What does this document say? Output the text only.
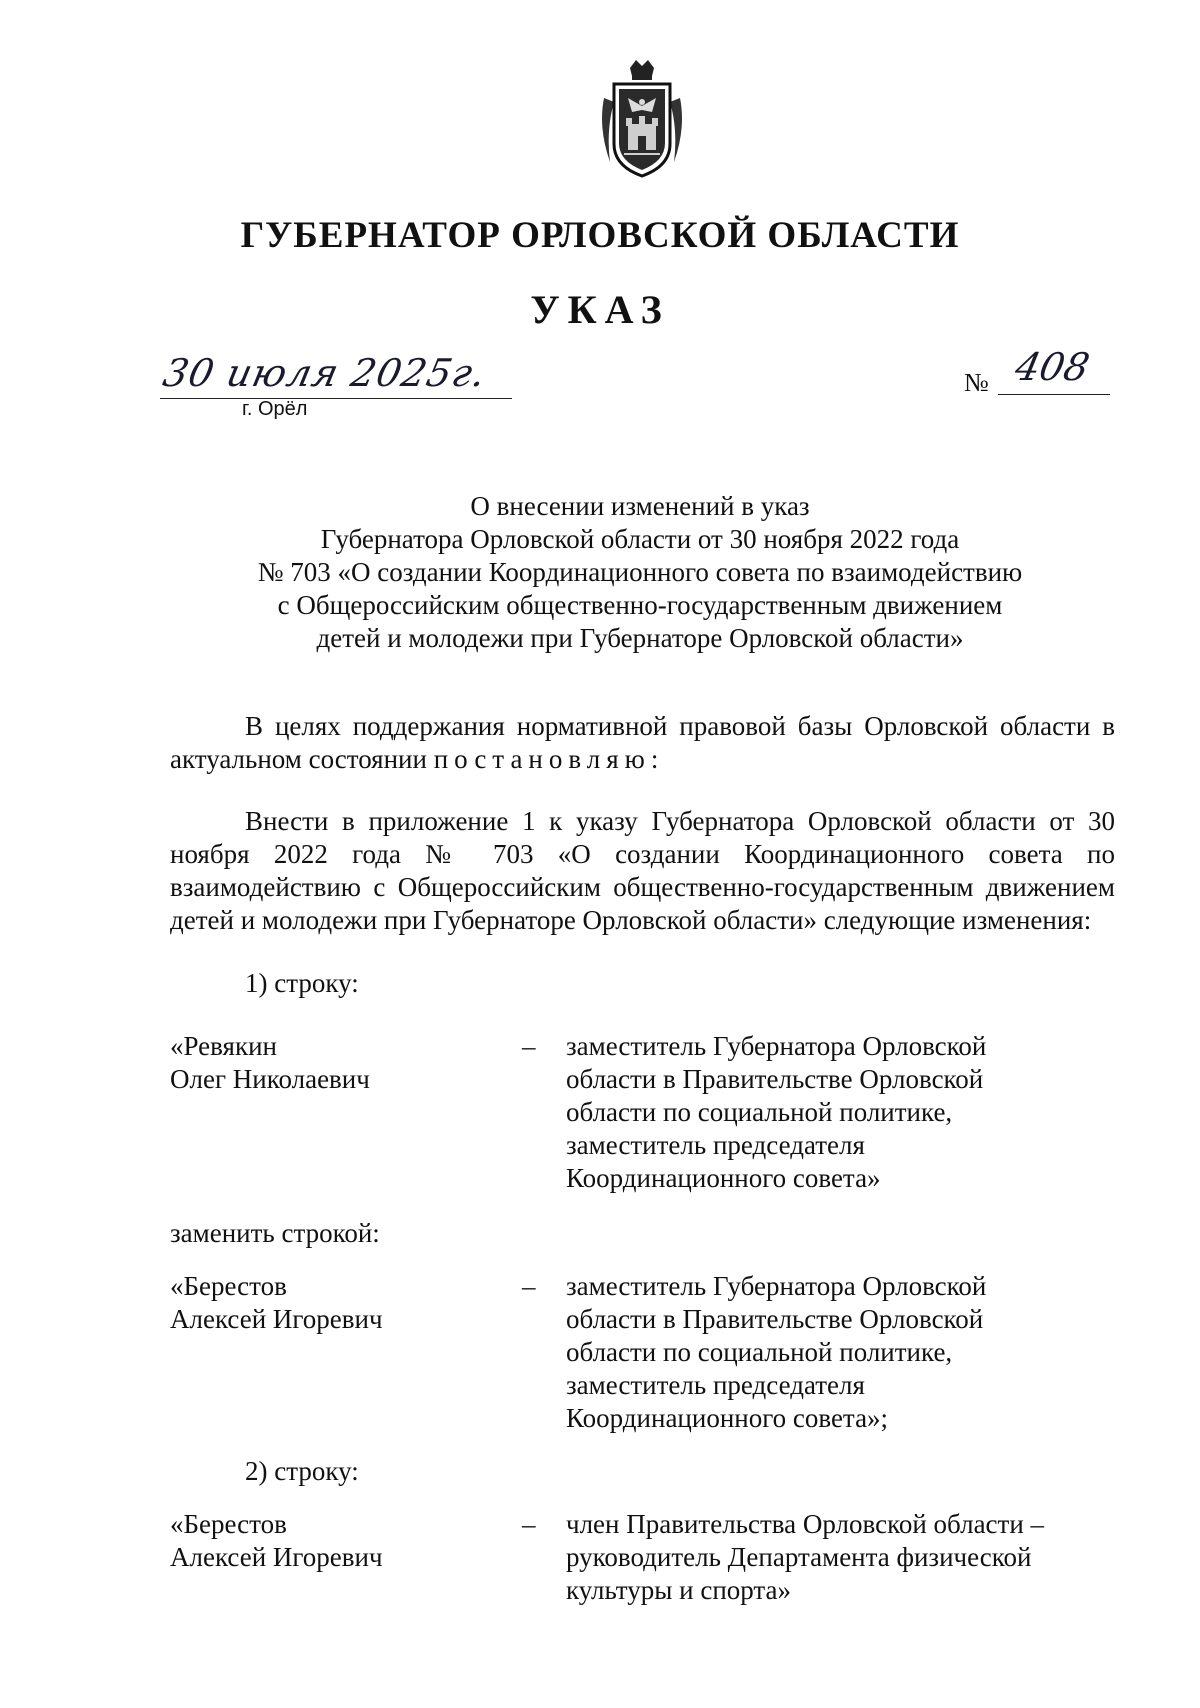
ГУБЕРНАТОР ОРЛОВСКОЙ ОБЛАСТИ
УКАЗ
30 июля 2025г.
г. Орёл
№ 408
О внесении изменений в указ
Губернатора Орловской области от 30 ноября 2022 года
№ 703 «О создании Координационного совета по взаимодействию
с Общероссийским общественно-государственным движением
детей и молодежи при Губернаторе Орловской области»

В целях поддержания нормативной правовой базы Орловской области в актуальном состоянии постановляю:

Внести в приложение 1 к указу Губернатора Орловской области от 30 ноября 2022 года № 703 «О создании Координационного совета по взаимодействию с Общероссийским общественно-государственным движением детей и молодежи при Губернаторе Орловской области» следующие изменения:

1) строку:
«Ревякин
Олег Николаевич
– заместитель Губернатора Орловской
области в Правительстве Орловской
области по социальной политике,
заместитель председателя
Координационного совета»
заменить строкой:
«Берестов
Алексей Игоревич
– заместитель Губернатора Орловской
области в Правительстве Орловской
области по социальной политике,
заместитель председателя
Координационного совета»;
2) строку:
«Берестов
Алексей Игоревич
– член Правительства Орловской области –
руководитель Департамента физической
культуры и спорта»
